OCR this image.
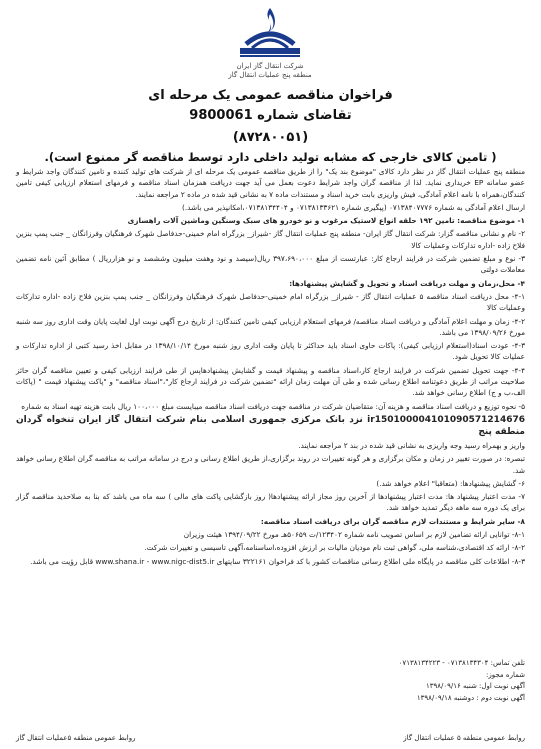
شرکت انتقال گاز ایران
منطقه پنج عملیات انتقال گاز
فراخوان مناقصه عمومی یک مرحله ای
تقاضای شماره 9800061
(۸۷۲۸۰۰۵۱)
( تامین کالای خارجی که مشابه تولید داخلی دارد توسط مناقصه گر ممنوع است).

منطقه پنج عملیات انتقال گاز در نظر دارد کالای "موضوع بند یک" را از طریق مناقصه عمومی یک مرحله ای از شرکت های تولید کننده و تامین کنندگان واجد شرایط و عضو سامانه EP خریداری نماید. لذا از مناقصه گران واجد شرایط دعوت بعمل می آید جهت دریافت همزمان اسناد مناقصه و فرمهای استعلام ارزیابی کیفی تامین کنندگان،همراه با نامه اعلام آمادگی، فیش واریزی بابت خرید اسناد و مستندات ماده ۷ به نشانی قید شده در ماده ۲ مراجعه نمایند.

ارسال اعلام آمادگی به شماره ۰۷۱۳۸۴۰۷۷۷۶ (پیگیری شماره ۰۷۱۳۸۱۳۳۶۲۱ و ۰۷۱۳۸۱۳۴۴۰۴،امکانپذیر می باشد.)

۱- موضوع مناقصه: تامین ۱۹۲ حلقه انواع لاستیک مرغوب و نو خودرو های سبک وسنگین وماشین آلات راهسازی

۲- نام و نشانی مناقصه گزار: شرکت انتقال گاز ایران- منطقه پنج عملیات انتقال گاز -شیراز_ بزرگراه امام خمینی-حدفاصل شهرک فرهنگیان وفرزانگان _ جنب پمپ بنزین فلاح زاده -اداره تدارکات وعملیات کالا

۳- نوع و مبلغ تضمین شرکت در فرایند ارجاع کار: عبارتست از مبلغ ۳۹۷،۶۹۰،۰۰۰ ریال(سیصد و نود وهفت میلیون وششصد و نو هزارریال ) مطابق آئین نامه تضمین معاملات دولتی

۴- محل،زمان و مهلت دریافت اسناد و تحویل و گشایش پیشنهادها:

۴-۱- محل دریافت اسناد مناقصه ۵ عملیات انتقال گاز - شیراز_ بزرگراه امام خمینی-حدفاصل شهرک فرهنگیان وفرزانگان _ جنب پمپ بنزین فلاح زاده -اداره تدارکات وعملیات کالا

۴-۲- زمان و مهلت اعلام آمادگی و دریافت اسناد مناقصه/ فرمهای استعلام ارزیابی کیفی تامین کنندگان: از تاریخ درج آگهی نوبت اول لغایت پایان وقت اداری روز سه شنبه مورخ ۱۳۹۸/۰۹/۲۶ می باشد.

۴-۳- عودت اسناد(استعلام ارزیابی کیفی): پاکات حاوی اسناد باید حداکثر تا پایان وقت اداری روز شنبه مورخ ۱۳۹۸/۱۰/۱۴ در مقابل اخذ رسید کتبی از اداره تدارکات و عملیات کالا تحویل شود.

۴-۴- جهت تحویل تضمین شرکت در فرایند ارجاع کار،اسناد مناقصه و پیشنهاد قیمت و گشایش پیشنهادهاپس از طی فرایند ارزیابی کیفی و تعیین مناقصه گران حائز صلاحیت مراتب از طریق دعوتنامه اطلاع رسانی شده و طی آن مهلت زمان ارائه "تضمین شرکت در فرایند ارجاع کار"،"اسناد مناقصه" و "پاکت پیشنهاد قیمت " (پاکات الف،ب و ج) اطلاع رسانی خواهد شد.

۵- نحوه توزیع و دریافت اسناد مناقصه و هزینه آن: متقاضیان شرکت در مناقصه جهت دریافت اسناد مناقصه میبایست مبلغ ۱۰۰،۰۰۰ ریال بابت هزینه تهیه اسناد به شماره

ir150100004101090571214676 نزد بانک مرکزی جمهوری اسلامی بنام شرکت انتقال گاز ایران تنخواه گردان منطقه پنج

واریز و بهمراه رسید وجه واریزی به نشانی قید شده در بند ۲ مراجعه نمایند.

تبصره: در صورت تغییر در زمان و مکان برگزاری و هر گونه تغییرات در روند برگزاری،از طریق اطلاع رسانی و درج در سامانه مراتب به مناقصه گران اطلاع رسانی خواهد شد.

۶- گشایش پیشنهادها: (متعاقبا" اعلام خواهد شد.)

۷- مدت اعتبار پیشنهاد ها: مدت اعتبار پیشنهادها از آخرین روز مجاز ارائه پیشنهادها( روز بازگشایی پاکت های مالی ) سه ماه می باشد که بنا به صلاحدید مناقصه گزار برای یک دوره سه ماهه دیگر تمدید خواهد شد.

۸- سایر شرایط و مستندات لازم مناقصه گران برای دریافت اسناد مناقصه:

۸-۱- توانایی ارائه تضامین لازم بر اساس تصویب نامه شماره ۱۲۳۴۰۲/ت ۵۰۶۵۹هـ مورخ ۱۳۹۴/۰۹/۲۲ هیئت وزیران

۸-۲- ارائه کد اقتصادی،شناسه ملی، گواهی ثبت نام مودیان مالیات بر ارزش افزوده،اساسنامه،آگهی تاسیسی و تغییرات شرکت.

۸-۳- اطلاعات کلی مناقصه در پایگاه ملی اطلاع رسانی مناقصات کشور با کد فراخوان ۳۲۲۱۶۱ سایتهای www.shana.ir - www.nigc-dist5.ir قابل رؤیت می باشد.

تلفن تماس: ۰۷۱۳۸۱۳۴۳۰۴ - ۰۷۱۳۸۱۳۴۲۲۳
شماره مجوز:
آگهی نوبت اول: شنبه ۱۳۹۸/۰۹/۱۶
آگهی نوبت دوم : دوشنبه ۱۳۹۸/۰۹/۱۸
روابط عمومی منطقه ۵ عملیات انتقال گاز
روابط عمومی منطقه ۵عملیات انتقال گاز
